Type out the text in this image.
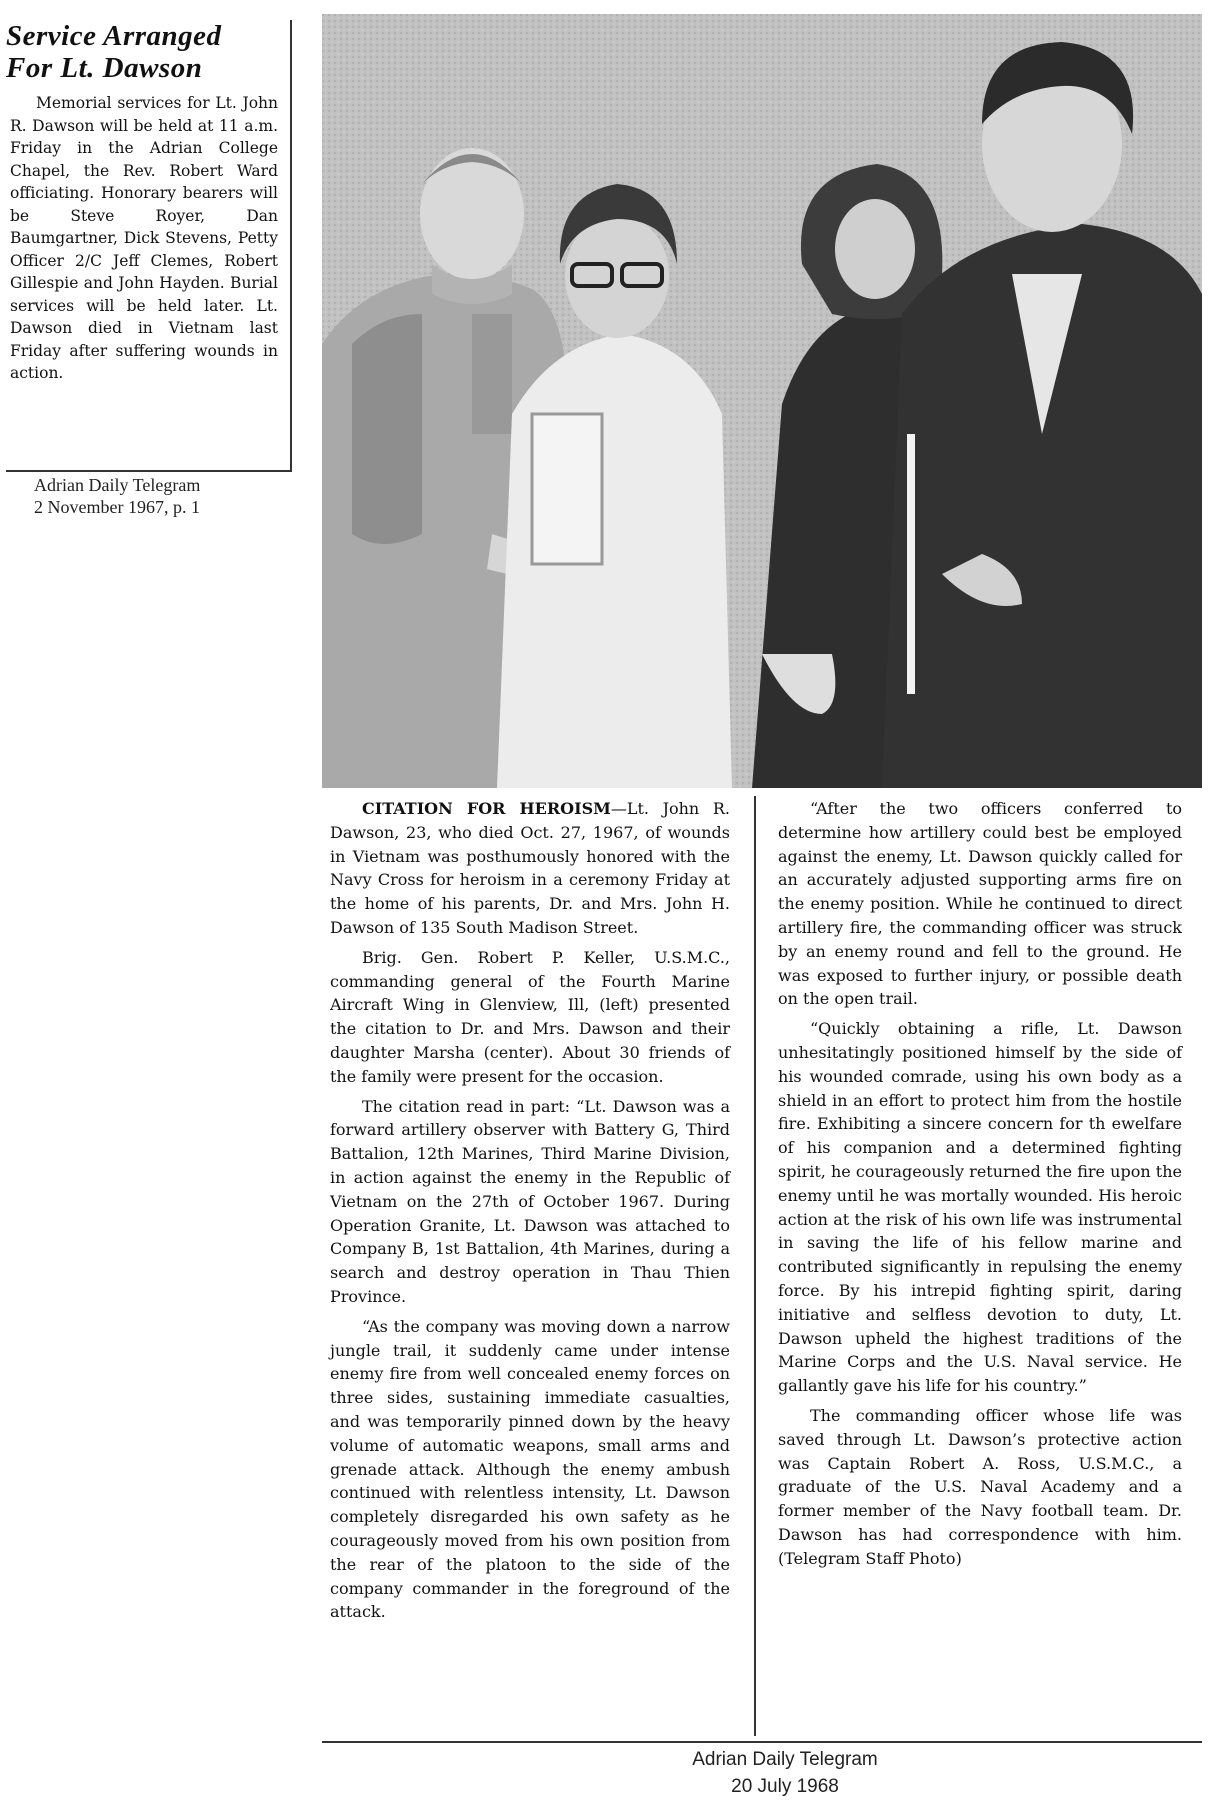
Service Arranged
For Lt. Dawson

Memorial services for Lt. John R. Dawson will be held at 11 a.m. Friday in the Adrian College Chapel, the Rev. Robert Ward officiating. Honorary bearers will be Steve Royer, Dan Baumgartner, Dick Stevens, Petty Officer 2/C Jeff Clemes, Robert Gillespie and John Hayden. Burial services will be held later. Lt. Dawson died in Vietnam last Friday after suffering wounds in action.

Adrian Daily Telegram
2 November 1967, p. 1

CITATION FOR HEROISM—Lt. John R. Dawson, 23, who died Oct. 27, 1967, of wounds in Vietnam was posthumously honored with the Navy Cross for heroism in a ceremony Friday at the home of his parents, Dr. and Mrs. John H. Dawson of 135 South Madison Street.

Brig. Gen. Robert P. Keller, U.S.M.C., commanding general of the Fourth Marine Aircraft Wing in Glenview, Ill, (left) presented the citation to Dr. and Mrs. Dawson and their daughter Marsha (center). About 30 friends of the family were present for the occasion.

The citation read in part: “Lt. Dawson was a forward artillery observer with Battery G, Third Battalion, 12th Marines, Third Marine Division, in action against the enemy in the Republic of Vietnam on the 27th of October 1967. During Operation Granite, Lt. Dawson was attached to Company B, 1st Battalion, 4th Marines, during a search and destroy operation in Thau Thien Province.

“As the company was moving down a narrow jungle trail, it suddenly came under intense enemy fire from well concealed enemy forces on three sides, sustaining immediate casualties, and was temporarily pinned down by the heavy volume of automatic weapons, small arms and grenade attack. Although the enemy ambush continued with relentless intensity, Lt. Dawson completely disregarded his own safety as he courageously moved from his own position from the rear of the platoon to the side of the company commander in the foreground of the attack.

“After the two officers conferred to determine how artillery could best be employed against the enemy, Lt. Dawson quickly called for an accurately adjusted supporting arms fire on the enemy position. While he continued to direct artillery fire, the commanding officer was struck by an enemy round and fell to the ground. He was exposed to further injury, or possible death on the open trail.

“Quickly obtaining a rifle, Lt. Dawson unhesitatingly positioned himself by the side of his wounded comrade, using his own body as a shield in an effort to protect him from the hostile fire. Exhibiting a sincere concern for th ewelfare of his companion and a determined fighting spirit, he courageously returned the fire upon the enemy until he was mortally wounded. His heroic action at the risk of his own life was instrumental in saving the life of his fellow marine and contributed significantly in repulsing the enemy force. By his intrepid fighting spirit, daring initiative and selfless devotion to duty, Lt. Dawson upheld the highest traditions of the Marine Corps and the U.S. Naval service. He gallantly gave his life for his country.”

The commanding officer whose life was saved through Lt. Dawson’s protective action was Captain Robert A. Ross, U.S.M.C., a graduate of the U.S. Naval Academy and a former member of the Navy football team. Dr. Dawson has had correspondence with him. (Telegram Staff Photo)

Adrian Daily Telegram
20 July 1968
